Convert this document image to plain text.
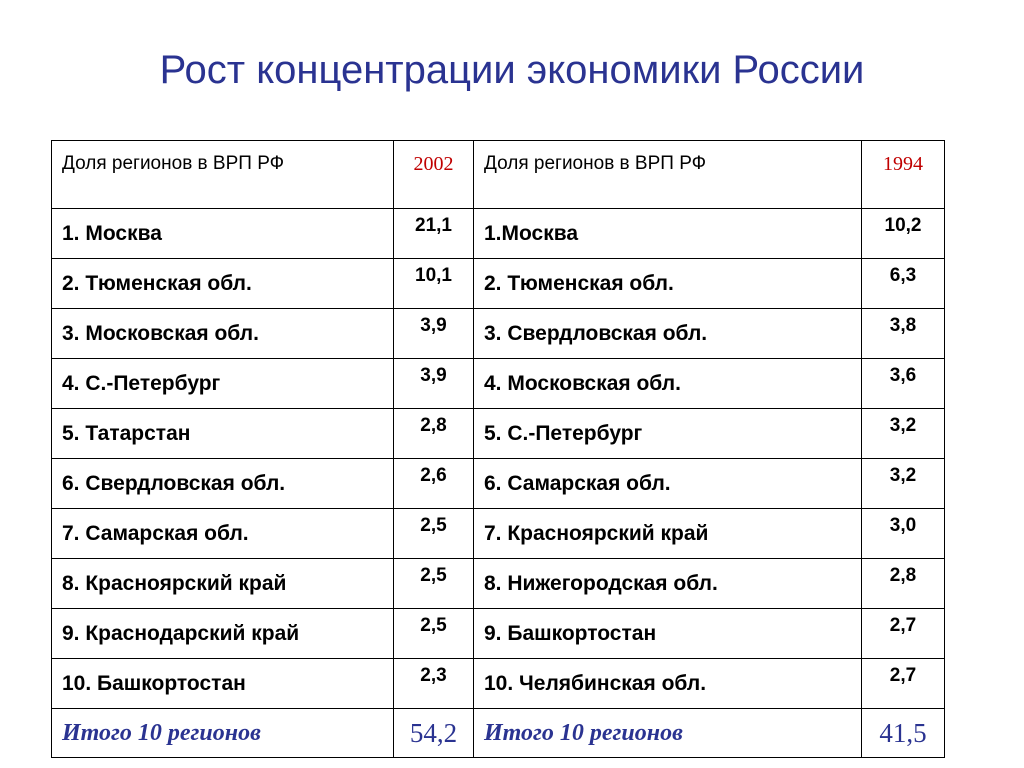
Рост концентрации экономики России
Доля регионов в ВРП РФ	2002	Доля регионов в ВРП РФ	1994
1. Москва	21,1	1.Москва	10,2
2. Тюменская обл.	10,1	2. Тюменская обл.	6,3
3. Московская обл.	3,9	3. Свердловская обл.	3,8
4. С.-Петербург	3,9	4. Московская обл.	3,6
5. Татарстан	2,8	5. С.-Петербург	3,2
6. Свердловская обл.	2,6	6. Самарская обл.	3,2
7. Самарская обл.	2,5	7. Красноярский край	3,0
8. Красноярский край	2,5	8. Нижегородская обл.	2,8
9. Краснодарский край	2,5	9. Башкортостан	2,7
10. Башкортостан	2,3	10. Челябинская обл.	2,7
Итого 10 регионов	54,2	Итого 10 регионов	41,5
